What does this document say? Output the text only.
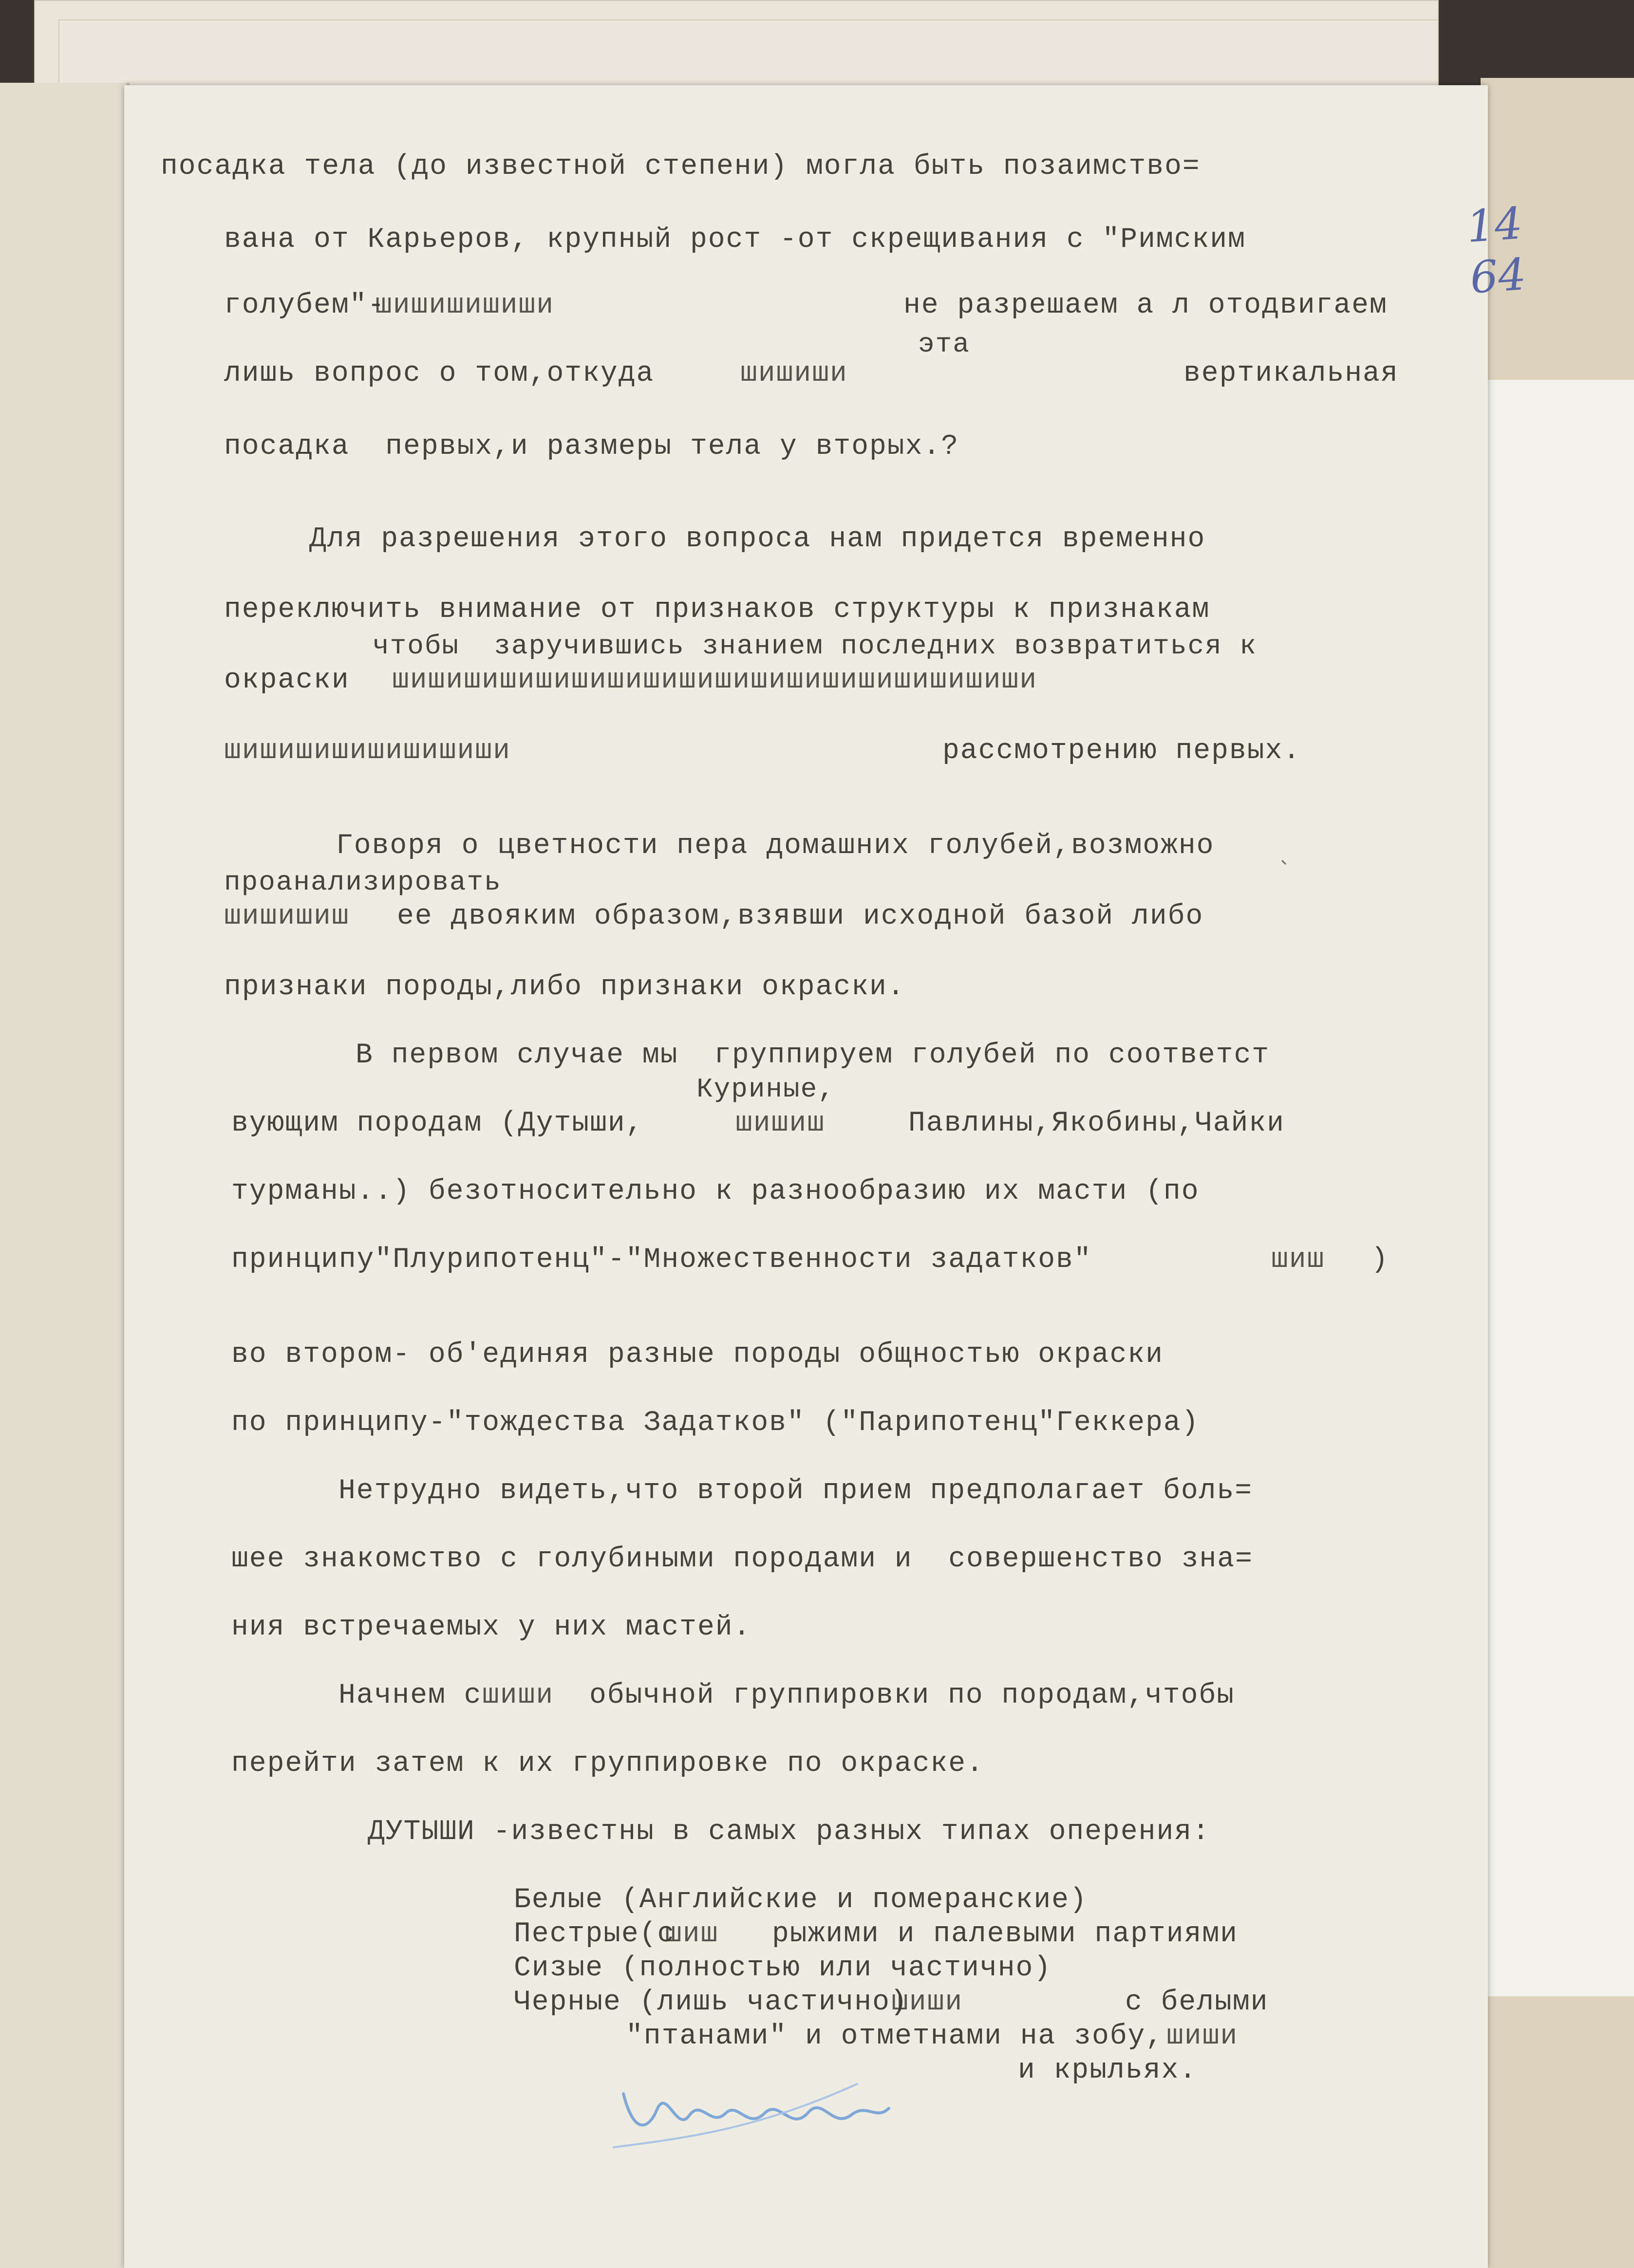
14 64
посадка тела (до известной степени) могла быть позаимство=
вана от Карьеров, крупный рост -от скрещивания с "Римским
голубем"-
шишишишиши	не разрешаем а л отодвигаем
эта
лишь вопрос о том,откуда	шишиши	вертикальная
посадка  первых,и размеры тела у вторых.?
Для разрешения этого вопроса нам придется временно
переключить внимание от признаков структуры к признакам
чтобы  заручившись знанием последних возвратиться к
окраски шишишишишишишишишишишишишишишишишиши
шишишишишишишиши	рассмотрению первых.
Говоря о цветности пера домашних голубей,возможно
проанализировать
шишишиш ее двояким образом,взявши исходной базой либо
признаки породы,либо признаки окраски.
В первом случае мы  группируем голубей по соответст
Куриные,
вующим породам (Дутыши,	шишиш	Павлины,Якобины,Чайки
турманы..) безотносительно к разнообразию их масти (по
принципу"Плурипотенц"-"Множественности задатков"	шиш )
во втором- об'единяя разные породы общностью окраски
по принципу-"тождества Задатков" ("Парипотенц"Геккера)
Нетрудно видеть,что второй прием предполагает боль=
шее знакомство с голубиными породами и  совершенство зна=
ния встречаемых у них мастей.
Начнем с шиши обычной группировки по породам,чтобы
перейти затем к их группировке по окраске.
ДУТЫШИ -известны в самых разных типах оперения:
Белые (Английские и померанские)
Пестрые(с
шиш рыжими и палевыми партиями
Сизые (полностью или частично)
Черные (лишь частично)
шиши	с белыми
"птанами" и отметнами на зобу, шиши
и крыльях.
